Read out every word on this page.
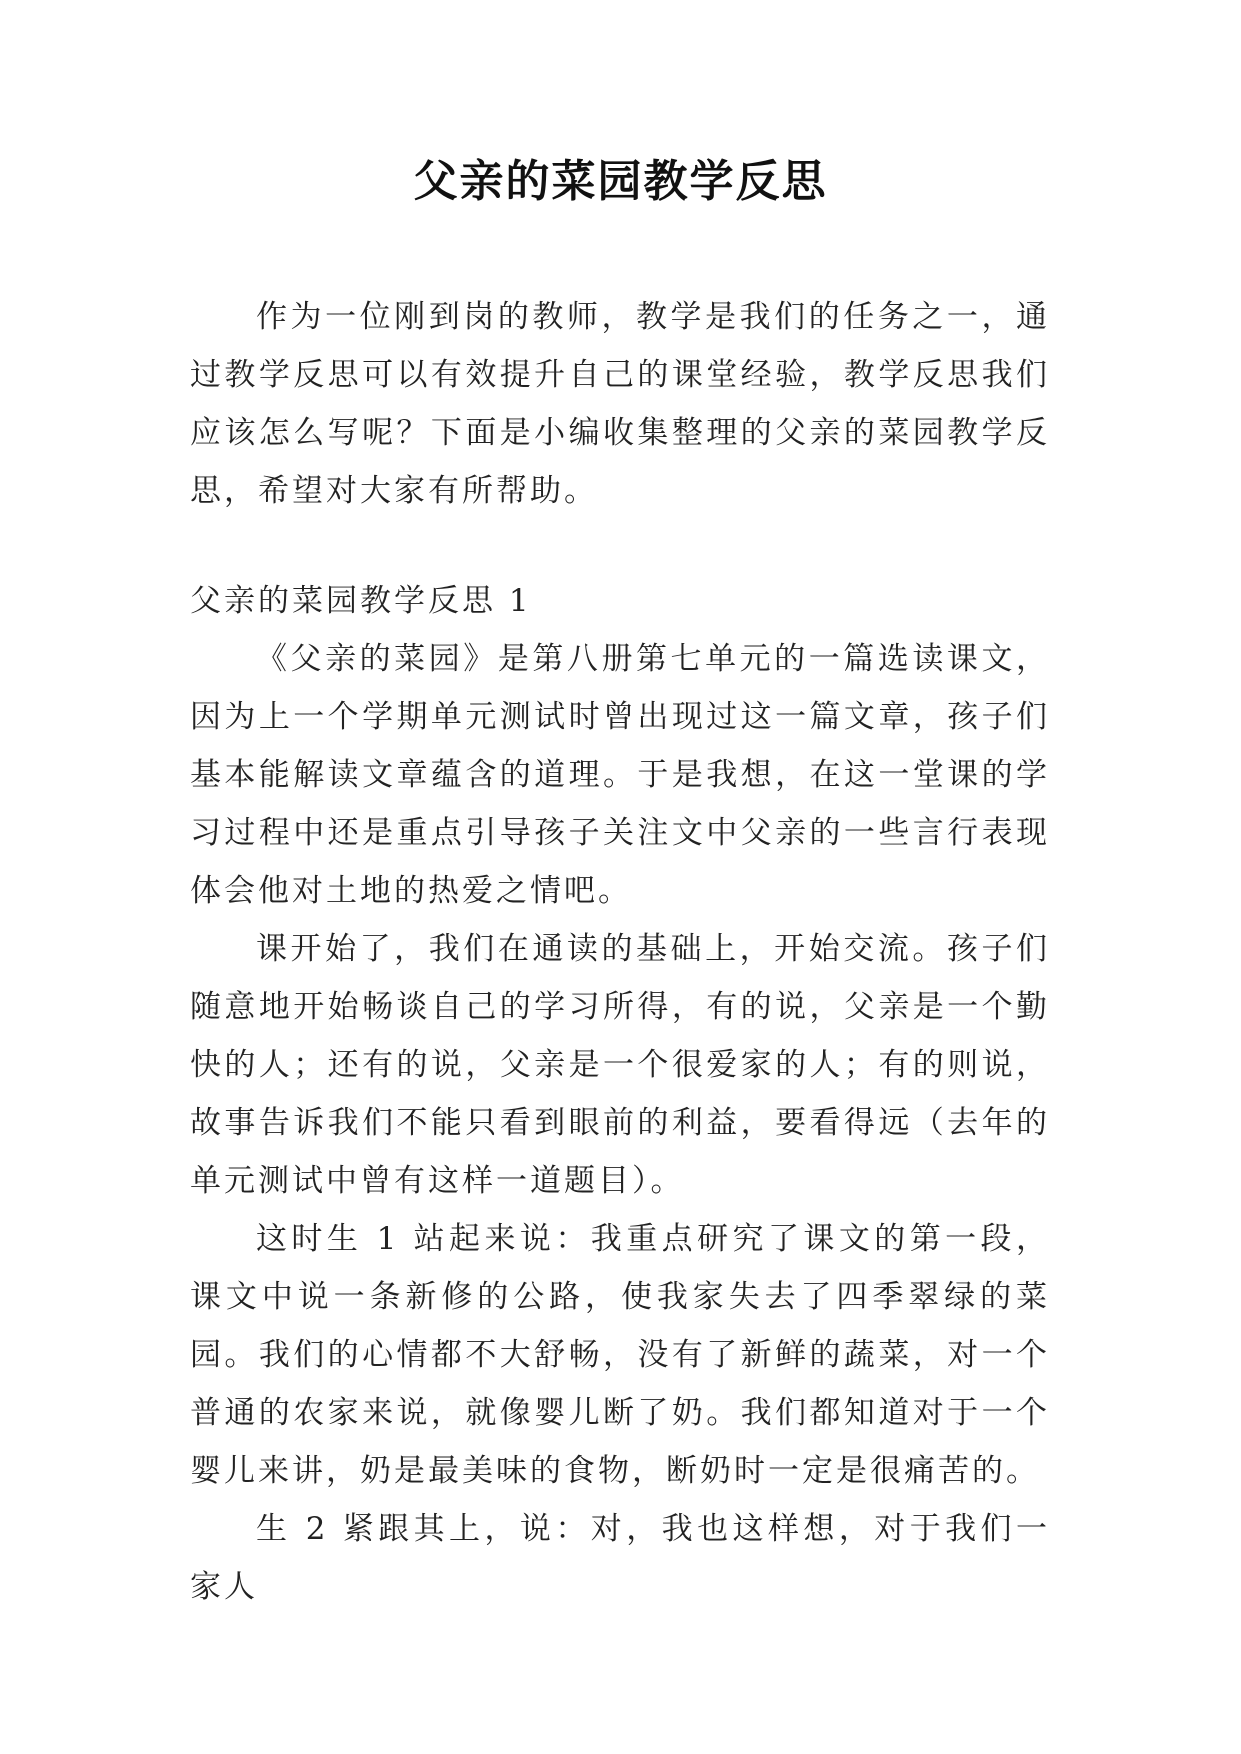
父亲的菜园教学反思

作为一位刚到岗的教师，教学是我们的任务之一，通过教学反思可以有效提升自己的课堂经验，教学反思我们应该怎么写呢？下面是小编收集整理的父亲的菜园教学反思，希望对大家有所帮助。

父亲的菜园教学反思 1

《父亲的菜园》是第八册第七单元的一篇选读课文，因为上一个学期单元测试时曾出现过这一篇文章，孩子们基本能解读文章蕴含的道理。于是我想，在这一堂课的学习过程中还是重点引导孩子关注文中父亲的一些言行表现体会他对土地的热爱之情吧。

课开始了，我们在通读的基础上，开始交流。孩子们随意地开始畅谈自己的学习所得，有的说，父亲是一个勤快的人；还有的说，父亲是一个很爱家的人；有的则说，故事告诉我们不能只看到眼前的利益，要看得远（去年的单元测试中曾有这样一道题目）。

这时生 1 站起来说：我重点研究了课文的第一段，课文中说一条新修的公路，使我家失去了四季翠绿的菜园。我们的心情都不大舒畅，没有了新鲜的蔬菜，对一个普通的农家来说，就像婴儿断了奶。我们都知道对于一个婴儿来讲，奶是最美味的食物，断奶时一定是很痛苦的。

生 2 紧跟其上，说：对，我也这样想，对于我们一家人
